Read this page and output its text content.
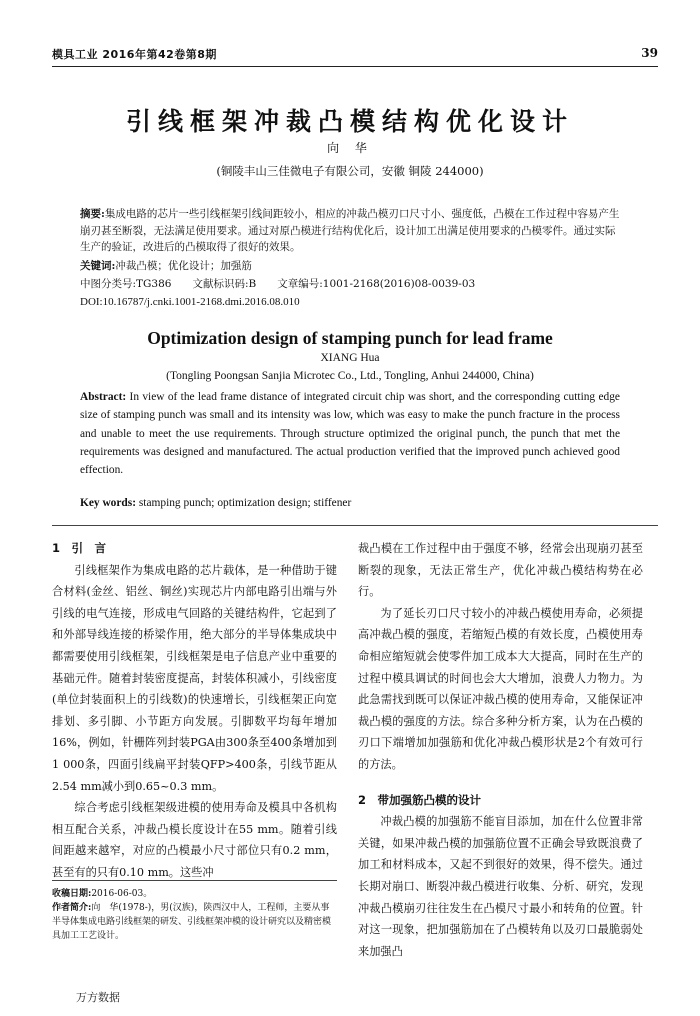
模具工业 2016年第42卷第8期	39
引线框架冲裁凸模结构优化设计
向 华
(铜陵丰山三佳微电子有限公司，安徽 铜陵 244000)
摘要:集成电路的芯片一些引线框架引线间距较小，相应的冲裁凸模刃口尺寸小、强度低，凸模在工作过程中容易产生崩刃甚至断裂，无法满足使用要求。通过对原凸模进行结构优化后，设计加工出满足使用要求的凸模零件。通过实际生产的验证，改进后的凸模取得了很好的效果。
关键词:冲裁凸模；优化设计；加强筋
中图分类号:TG386　　文献标识码:B　　文章编号:1001-2168(2016)08-0039-03
DOI:10.16787/j.cnki.1001-2168.dmi.2016.08.010
Optimization design of stamping punch for lead frame
XIANG Hua
(Tongling Poongsan Sanjia Microtec Co., Ltd., Tongling, Anhui 244000, China)
Abstract: In view of the lead frame distance of integrated circuit chip was short, and the corresponding cutting edge size of stamping punch was small and its intensity was low, which was easy to make the punch fracture in the process and unable to meet the use requirements. Through structure optimized the original punch, the punch that met the requirements was designed and manufactured. The actual production verified that the improved punch achieved good effection.
Key words: stamping punch; optimization design; stiffener
1　引　言

引线框架作为集成电路的芯片载体，是一种借助于键合材料(金丝、铝丝、铜丝)实现芯片内部电路引出端与外引线的电气连接，形成电气回路的关键结构件，它起到了和外部导线连接的桥梁作用，绝大部分的半导体集成块中都需要使用引线框架，引线框架是电子信息产业中重要的基础元件。随着封装密度提高，封装体积减小，引线密度(单位封装面积上的引线数)的快速增长，引线框架正向宽排划、多引脚、小节距方向发展。引脚数平均每年增加16%，例如，针栅阵列封装PGA由300条至400条增加到1 000条，四面引线扁平封装QFP>400条，引线节距从2.54 mm减小到0.65~0.3 mm。

综合考虑引线框架级进模的使用寿命及模具中各机构相互配合关系，冲裁凸模长度设计在55 mm。随着引线间距越来越窄，对应的凸模最小尺寸部位只有0.2 mm，甚至有的只有0.10 mm。这些冲

收稿日期:2016-06-03。

作者简介:向　华(1978-)，男(汉族)，陕西汉中人，工程师，主要从事半导体集成电路引线框架的研发、引线框架冲模的设计研究以及精密模具加工工艺设计。

裁凸模在工作过程中由于强度不够，经常会出现崩刃甚至断裂的现象，无法正常生产，优化冲裁凸模结构势在必行。

为了延长刃口尺寸较小的冲裁凸模使用寿命，必须提高冲裁凸模的强度，若缩短凸模的有效长度，凸模使用寿命相应缩短就会使零件加工成本大大提高，同时在生产的过程中模具调试的时间也会大大增加，浪费人力物力。为此急需找到既可以保证冲裁凸模的使用寿命，又能保证冲裁凸模的强度的方法。综合多种分析方案，认为在凸模的刃口下端增加加强筋和优化冲裁凸模形状是2个有效可行的方法。

2　带加强筋凸模的设计

冲裁凸模的加强筋不能盲目添加，加在什么位置非常关键，如果冲裁凸模的加强筋位置不正确会导致既浪费了加工和材料成本，又起不到很好的效果，得不偿失。通过长期对崩口、断裂冲裁凸模进行收集、分析、研究，发现冲裁凸模崩刃往往发生在凸模尺寸最小和转角的位置。针对这一现象，把加强筋加在了凸模转角以及刃口最脆弱处来加强凸

万方数据
